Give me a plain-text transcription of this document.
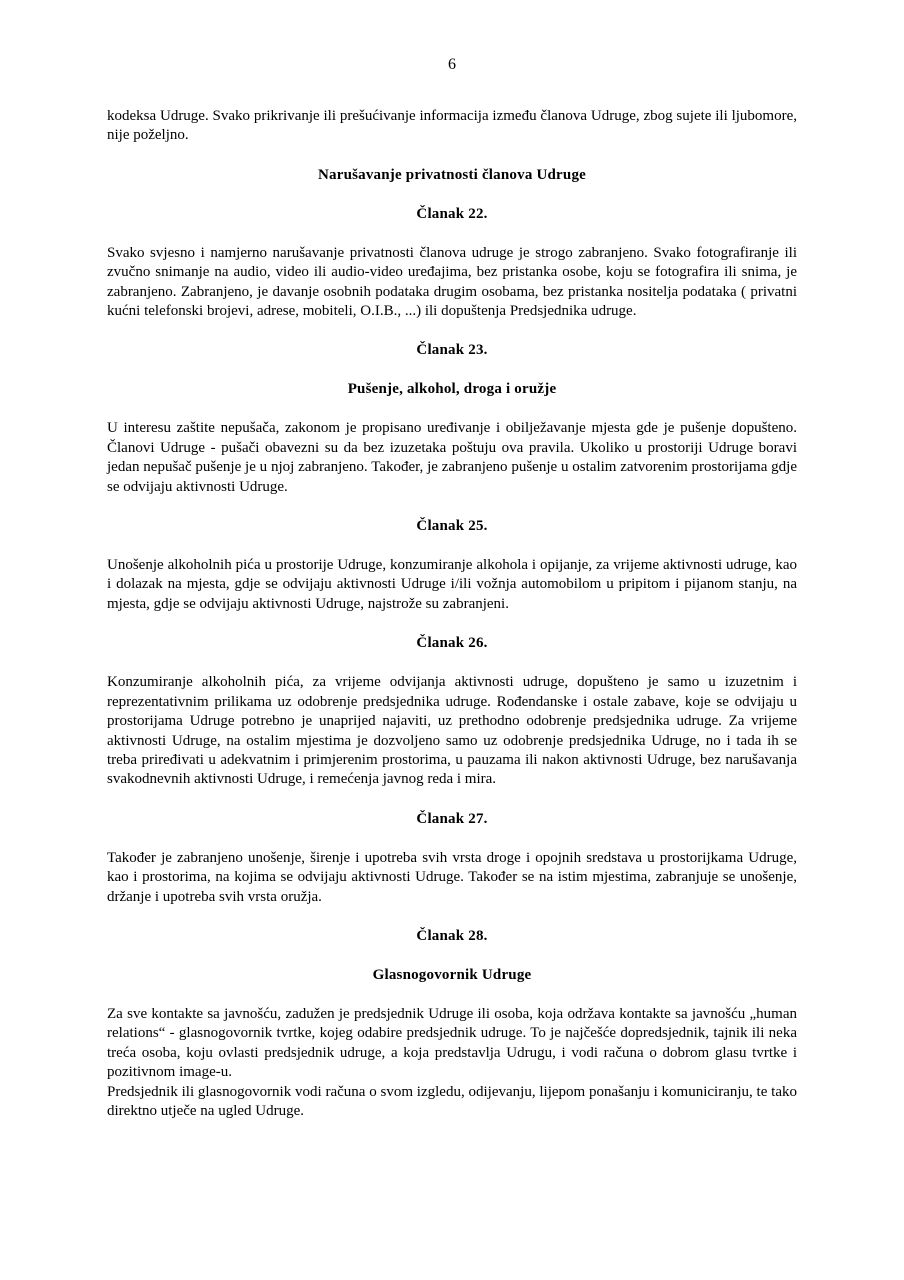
6

kodeksa Udruge. Svako prikrivanje ili prešućivanje informacija između članova Udruge, zbog sujete ili ljubomore, nije poželjno.

Narušavanje privatnosti članova Udruge

Članak 22.

Svako svjesno i namjerno narušavanje privatnosti članova udruge je strogo zabranjeno. Svako fotografiranje ili zvučno snimanje na audio, video ili audio-video uređajima, bez pristanka osobe, koju se fotografira ili snima, je zabranjeno. Zabranjeno, je davanje osobnih podataka drugim osobama, bez pristanka nositelja podataka ( privatni kućni telefonski brojevi, adrese, mobiteli, O.I.B., ...) ili dopuštenja Predsjednika udruge.

Članak 23.

Pušenje, alkohol, droga i oružje

U interesu zaštite nepušača, zakonom je propisano uređivanje i obilježavanje mjesta gde je pušenje dopušteno. Članovi Udruge - pušači obavezni su da bez izuzetaka poštuju ova pravila. Ukoliko u prostoriji Udruge boravi jedan nepušač pušenje je u njoj zabranjeno. Također, je zabranjeno pušenje u ostalim zatvorenim prostorijama gdje se odvijaju aktivnosti Udruge.

Članak 25.

Unošenje alkoholnih pića u prostorije Udruge, konzumiranje alkohola i opijanje, za vrijeme aktivnosti udruge, kao i dolazak na mjesta, gdje se odvijaju aktivnosti Udruge i/ili vožnja automobilom u pripitom i pijanom stanju, na mjesta, gdje se odvijaju aktivnosti Udruge, najstrože su zabranjeni.

Članak 26.

Konzumiranje alkoholnih pića, za vrijeme odvijanja aktivnosti udruge, dopušteno je samo u izuzetnim i reprezentativnim prilikama uz odobrenje predsjednika udruge. Rođendanske i ostale zabave, koje se odvijaju u prostorijama Udruge potrebno je unaprijed najaviti, uz prethodno odobrenje predsjednika udruge. Za vrijeme aktivnosti Udruge, na ostalim mjestima je dozvoljeno samo uz odobrenje predsjednika Udruge, no i tada ih se treba priređivati u adekvatnim i primjerenim prostorima, u pauzama ili nakon aktivnosti Udruge, bez narušavanja svakodnevnih aktivnosti Udruge, i remećenja javnog reda i mira.

Članak 27.

Također je zabranjeno unošenje, širenje i upotreba svih vrsta droge i opojnih sredstava u prostorijkama Udruge, kao i prostorima, na kojima se odvijaju aktivnosti Udruge. Također se na istim mjestima, zabranjuje se unošenje, držanje i upotreba svih vrsta oružja.

Članak 28.

Glasnogovornik Udruge

Za sve kontakte sa javnošću, zadužen je predsjednik Udruge ili osoba, koja održava kontakte sa javnošću „human relations“ - glasnogovornik tvrtke, kojeg odabire predsjednik udruge. To je najčešće dopredsjednik, tajnik ili neka treća osoba, koju ovlasti predsjednik udruge, a koja predstavlja Udrugu, i vodi računa o dobrom glasu tvrtke i pozitivnom image-u.

Predsjednik ili glasnogovornik vodi računa o svom izgledu, odijevanju, lijepom ponašanju i komuniciranju, te tako direktno utječe na ugled Udruge.
